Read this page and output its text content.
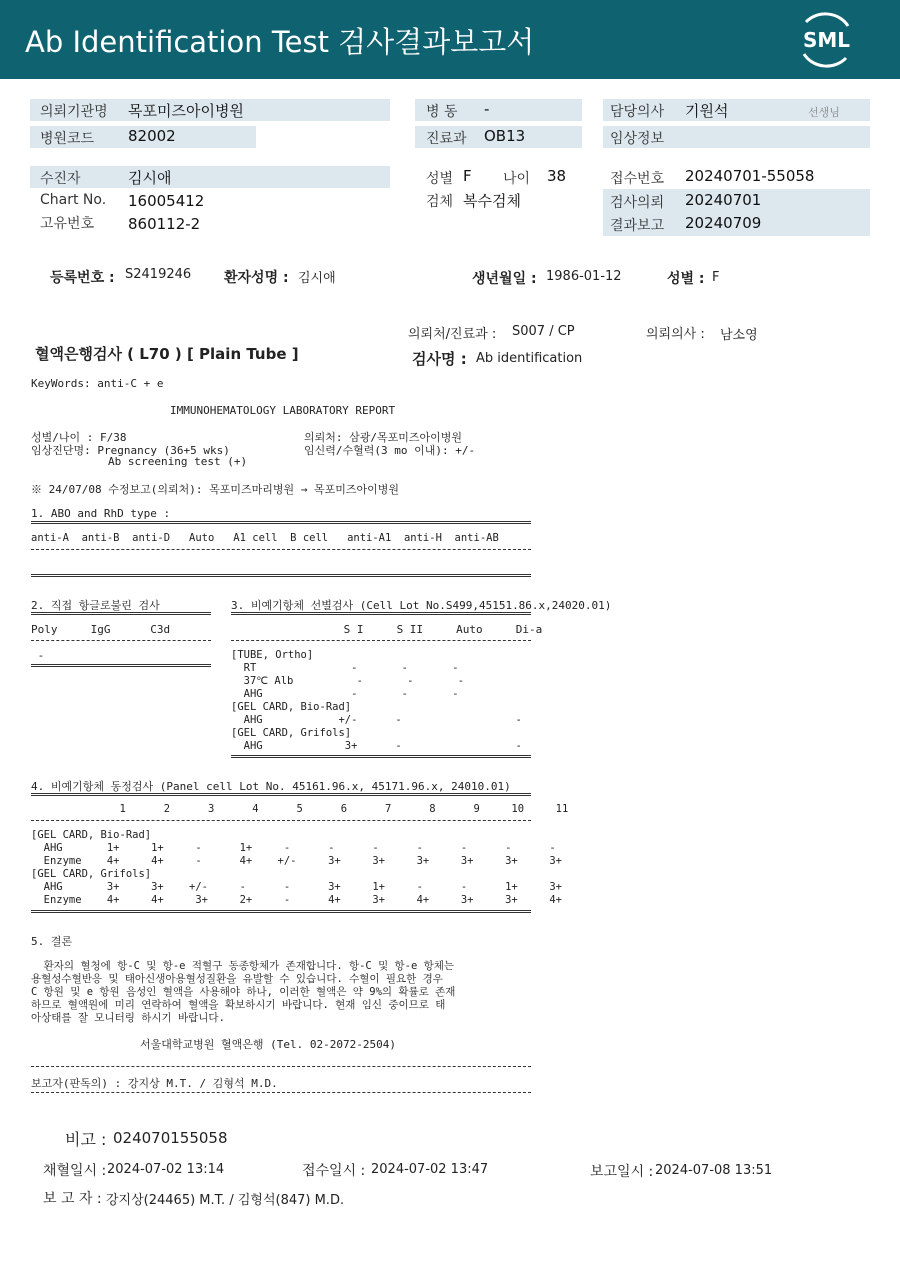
Ab Identification Test 검사결과보고서	SML
의뢰기관명 목포미즈아이병원
병원코드 82002
병 동 -
진료과 OB13
담당의사 기원석	선생님
임상정보
수진자	김시애
Chart No. 16005412
고유번호 860112-2
성별 F 나이 38
검체 복수검체
접수번호 20240701-55058
검사의뢰 20240701
결과보고 20240709
등록번호 : S2419246 환자성명 : 김시애	생년월일 : 1986-01-12	성별 : F
의뢰처/진료과 : S007 / CP	의뢰의사 : 남소영
혈액은행검사 ( L70 ) [ Plain Tube ]	검사명 : Ab identification
KeyWords: anti-C + e
IMMUNOHEMATOLOGY LABORATORY REPORT
성별/나이 : F/38	의뢰처: 삼광/목포미즈아이병원
임상진단명: Pregnancy (36+5 wks)	임신력/수혈력(3 mo 이내): +/-
Ab screening test (+)
※ 24/07/08 수정보고(의뢰처): 목포미즈마리병원 → 목포미즈아이병원
1. ABO and RhD type :
anti-A  anti-B  anti-D   Auto   A1 cell  B cell   anti-A1  anti-H  anti-AB
2. 직접 항글로불린 검사
Poly     IgG      C3d
-
3. 비예기항체 선별검사 (Cell Lot No.S499,45151.86.x,24020.01)
S I     S II     Auto     Di-a
[TUBE, Ortho]
RT               -       -       -
37℃ Alb          -       -       -
AHG              -       -       -
[GEL CARD, Bio-Rad]
AHG            +/-      -                  -
[GEL CARD, Grifols]
AHG             3+      -                  -
4. 비예기항체 동정검사 (Panel cell Lot No. 45161.96.x, 45171.96.x, 24010.01)
1      2      3      4      5      6      7      8      9     10     11
[GEL CARD, Bio-Rad]
AHG       1+     1+     -      1+     -      -      -      -      -      -      -
Enzyme    4+     4+     -      4+    +/-     3+     3+     3+     3+     3+     3+
[GEL CARD, Grifols]
AHG       3+     3+    +/-     -      -      3+     1+     -      -      1+     3+
Enzyme    4+     4+     3+     2+     -      4+     3+     4+     3+     3+     4+
5. 결론
환자의 혈청에 항-C 및 항-e 적혈구 동종항체가 존재합니다. 항-C 및 항-e 항체는
용혈성수혈반응 및 태아신생아용혈성질환을 유발할 수 있습니다. 수혈이 필요한 경우
C 항원 및 e 항원 음성인 혈액을 사용해야 하나, 이러한 혈액은 약 9%의 확률로 존재
하므로 혈액원에 미리 연락하여 혈액을 확보하시기 바랍니다. 현재 임신 중이므로 태
아상태를 잘 모니터링 하시기 바랍니다.
서울대학교병원 혈액은행 (Tel. 02-2072-2504)
보고자(판독의) : 강지상 M.T. / 김형석 M.D.
비고 : 024070155058
채혈일시 : 2024-07-02 13:14	접수일시 : 2024-07-02 13:47	보고일시 : 2024-07-08 13:51
보 고 자 : 강지상(24465) M.T. / 김형석(847) M.D.
